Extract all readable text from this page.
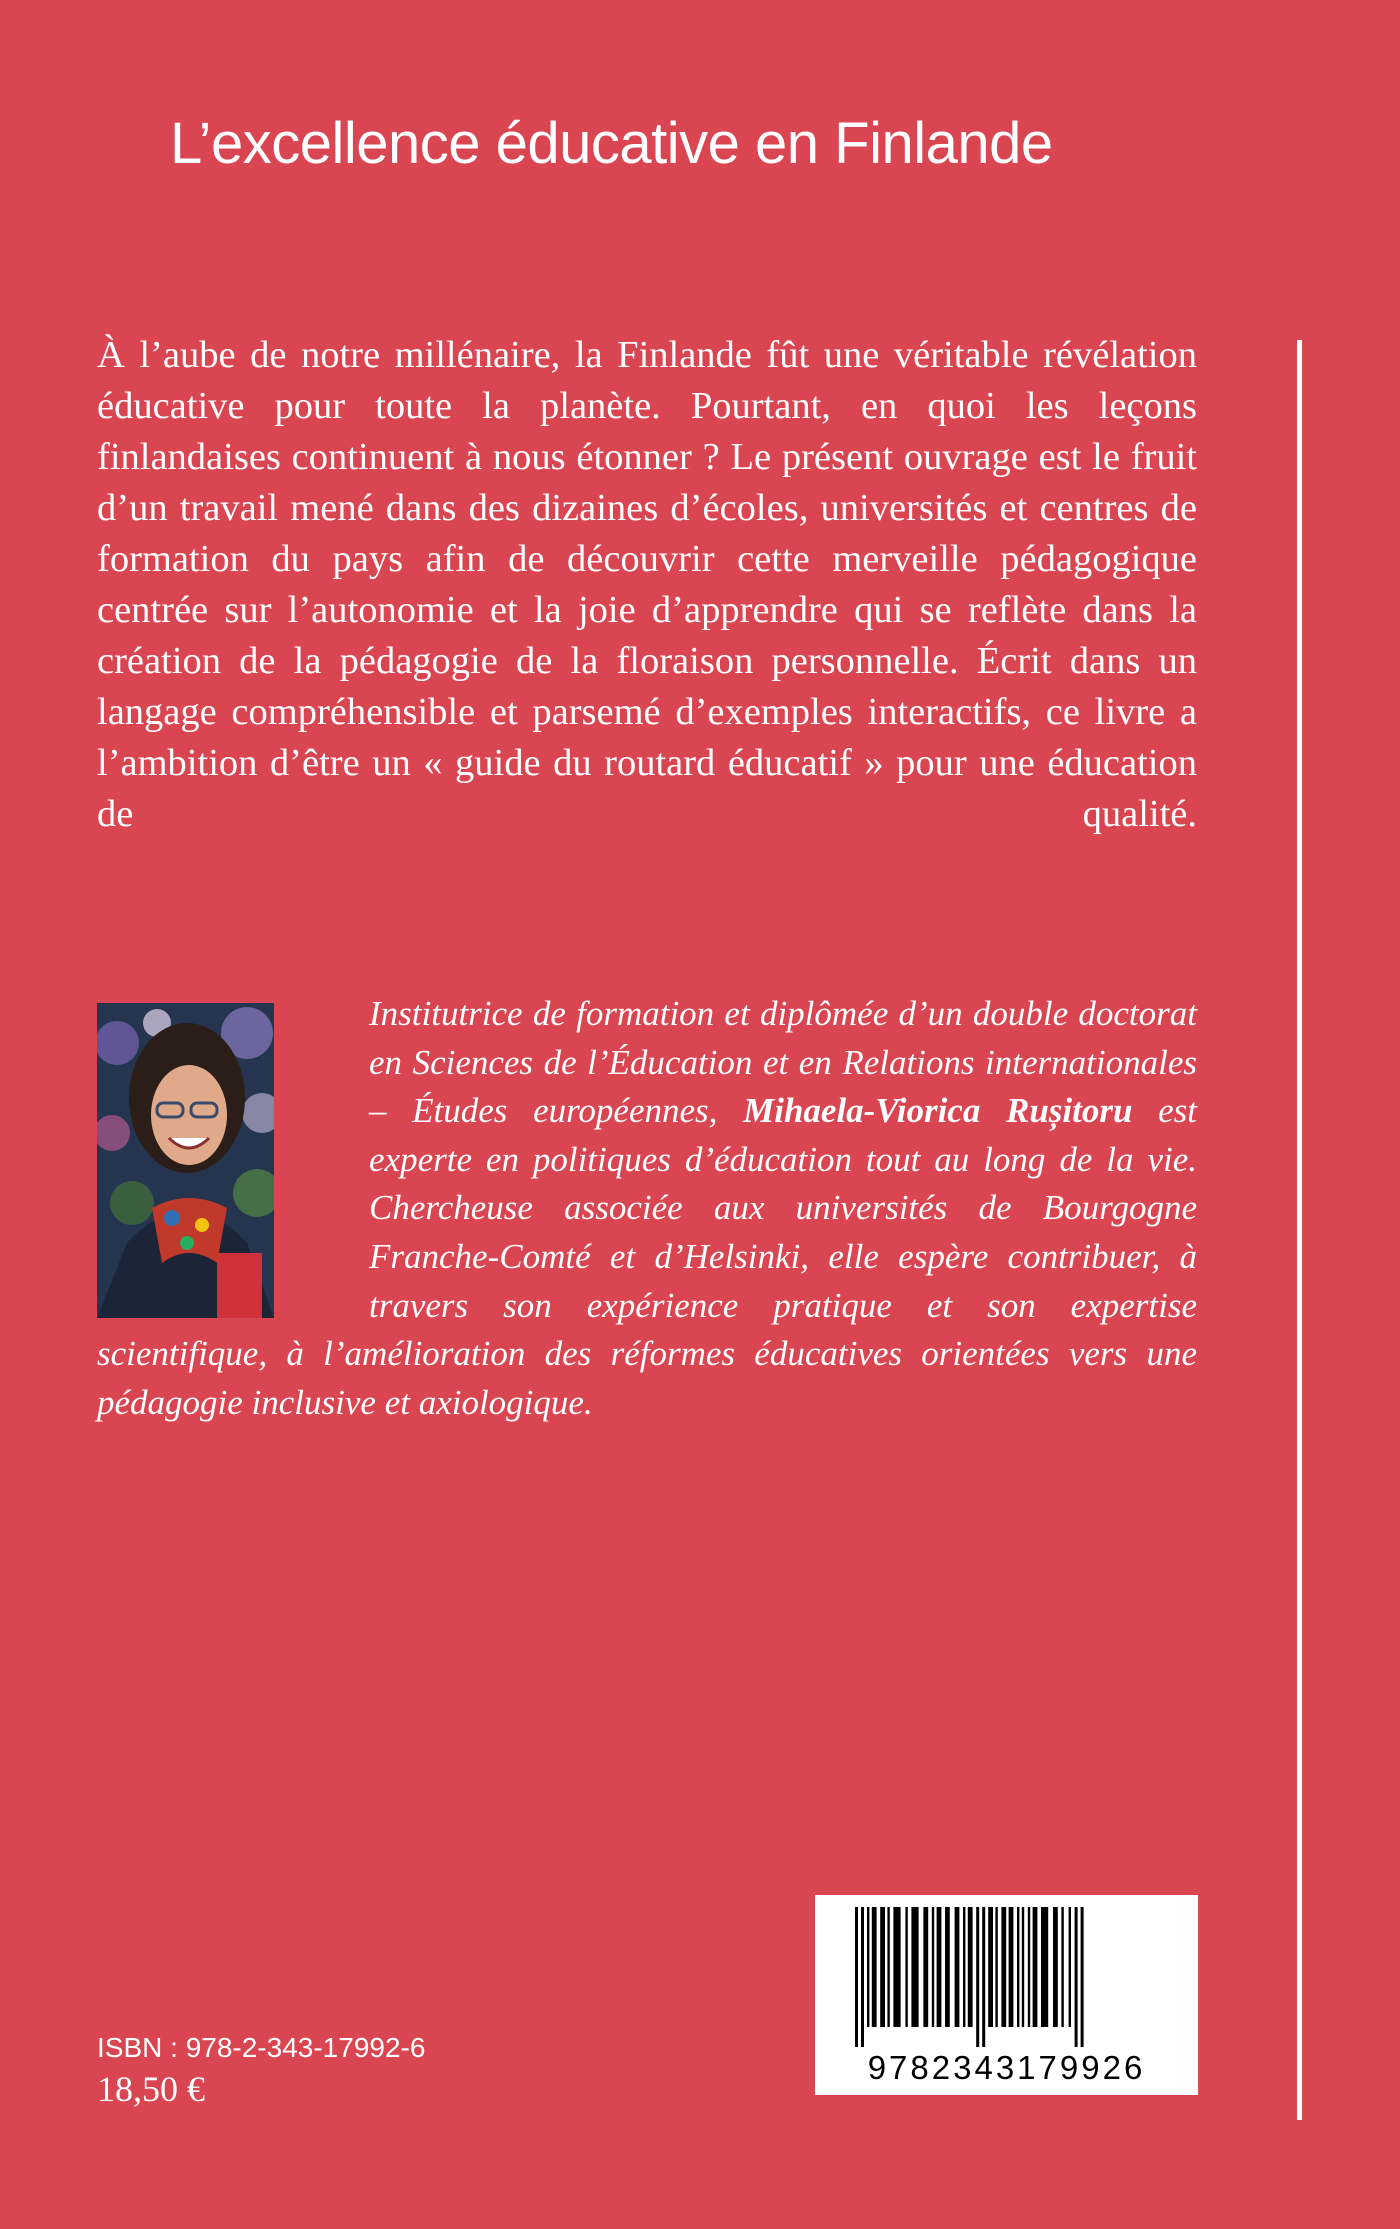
L’excellence éducative en Finlande

À l’aube de notre millénaire, la Finlande fût une véritable révélation éducative pour toute la planète. Pourtant, en quoi les leçons finlandaises continuent à nous étonner ? Le présent ouvrage est le fruit d’un travail mené dans des dizaines d’écoles, universités et centres de formation du pays afin de découvrir cette merveille pédagogique centrée sur l’autonomie et la joie d’apprendre qui se reflète dans la création de la pédagogie de la floraison personnelle. Écrit dans un langage compréhensible et parsemé d’exemples interactifs, ce livre a l’ambition d’être un « guide du routard éducatif » pour une éducation de qualité.

Institutrice de formation et diplômée d’un double doctorat en Sciences de l’Éducation et en Relations internationales – Études européennes, Mihaela-Viorica Rușitoru est experte en politiques d’éducation tout au long de la vie. Chercheuse associée aux universités de Bourgogne Franche-Comté et d’Helsinki, elle espère contribuer, à travers son expérience pratique et son expertise scientifique, à l’amélioration des réformes éducatives orientées vers une pédagogie inclusive et axiologique.

9782343179926
ISBN : 978-2-343-17992-6
18,50 €
